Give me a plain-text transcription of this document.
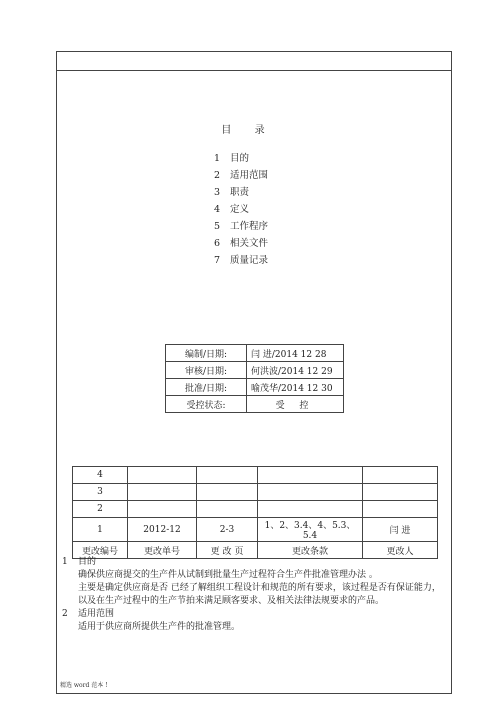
目 录
1	目的
2	适用范围
3	职责
4	定义
5	工作程序
6	相关文件
7	质量记录
编制/日期:	闫 进/2014 12 28
审核/日期:	何洪波/2014 12 29
批准/日期:	喻茂华/2014 12 30
受控状态:	受 控
4				
3				
2				
1	2012-12	2-3	1、2、3.4、4、5.3、5.4	闫 进
更改编号	更改单号	更 改 页	更改条款	更改人
1	目的
确保供应商提交的生产件从试制到批量生产过程符合生产件批准管理办法 。
主要是确定供应商是否 已经了解组织工程设计和规范的所有要求，该过程是否有保证能力，以及在生产过程中的生产节拍来满足顾客要求、及相关法律法规要求的产品。
2	适用范围
适用于供应商所提供生产件的批准管理。
精选 word 范本 !
